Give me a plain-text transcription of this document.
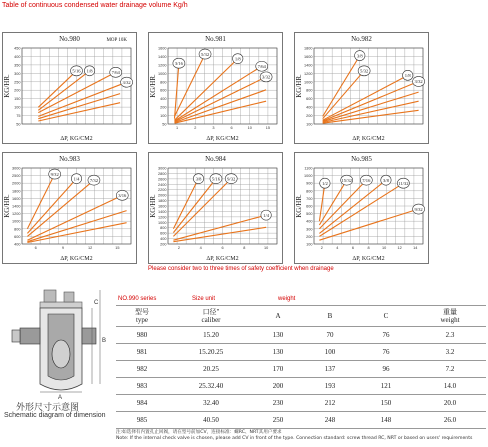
Table of continuous condensed water drainage volume Kg/h
No.980	MOP 10K
450
400
350
300
250
200
150
100
75
50
5/16 1/8	7/64
3/32
KG/HR.
ΔP, KG/CM2
No.981
1600
1400
1200
1000
800
600
400
200
100
50
1	2	3	6	10	15
5/32
3/16
1/8
7/64
3/32
KG/HR.
ΔP, KG/CM2
No.982
1800
1600
1400
1200
1000
800
600
400
200
100
3/8
5/32
1/8
3/32
KG/HR.
ΔP, KG/CM2
No.983
3000
2500
2000
1800
1600
1400
1200
1000
800
600
400
6	9	12	15
9/32
1/4 7/32
3/16
KG/HR.
ΔP, KG/CM2
No.984
3000
2800
2600
2400
2200
2000
1800
1600
1400
1200
1000
800
600
400
200
2	4	6	8	10
3/8 5/16 9/32
1/4
KG/HR.
ΔP, KG/CM2
No.985
1100
1000
900
800
700
600
500
400
300
200
100
2	4	6	8	10	12	14
1/2
15/32 7/16	3/8
11/32
9/32
KG/HR.
ΔP, KG/CM2
Please consider two to three times of safety coefficient when drainage
A
B
C
外形尺寸示意图
Schematic diagram of dimension
NO.990 series	Size unit	weight
型号
type	口径"
caliber	A	B	C	重量
weight

980	15.20	130	70	76	2.3
981	15.20.25	130	100	76	3.2
982	20.25	170	137	96	7.2
983	25.32.40	200	193	121	14.0
984	32.40	230	212	150	20.0
985	40.50	250	248	148	26.0
注:如选择有内置孔止回阀，请在型号前加CV，连接标准：螺RC、NRT其用户要求
Note: If the internal check valve is chosen, please add CV in front of the type. Connection standard: screw thread RC, NRT or based on users' requirements
